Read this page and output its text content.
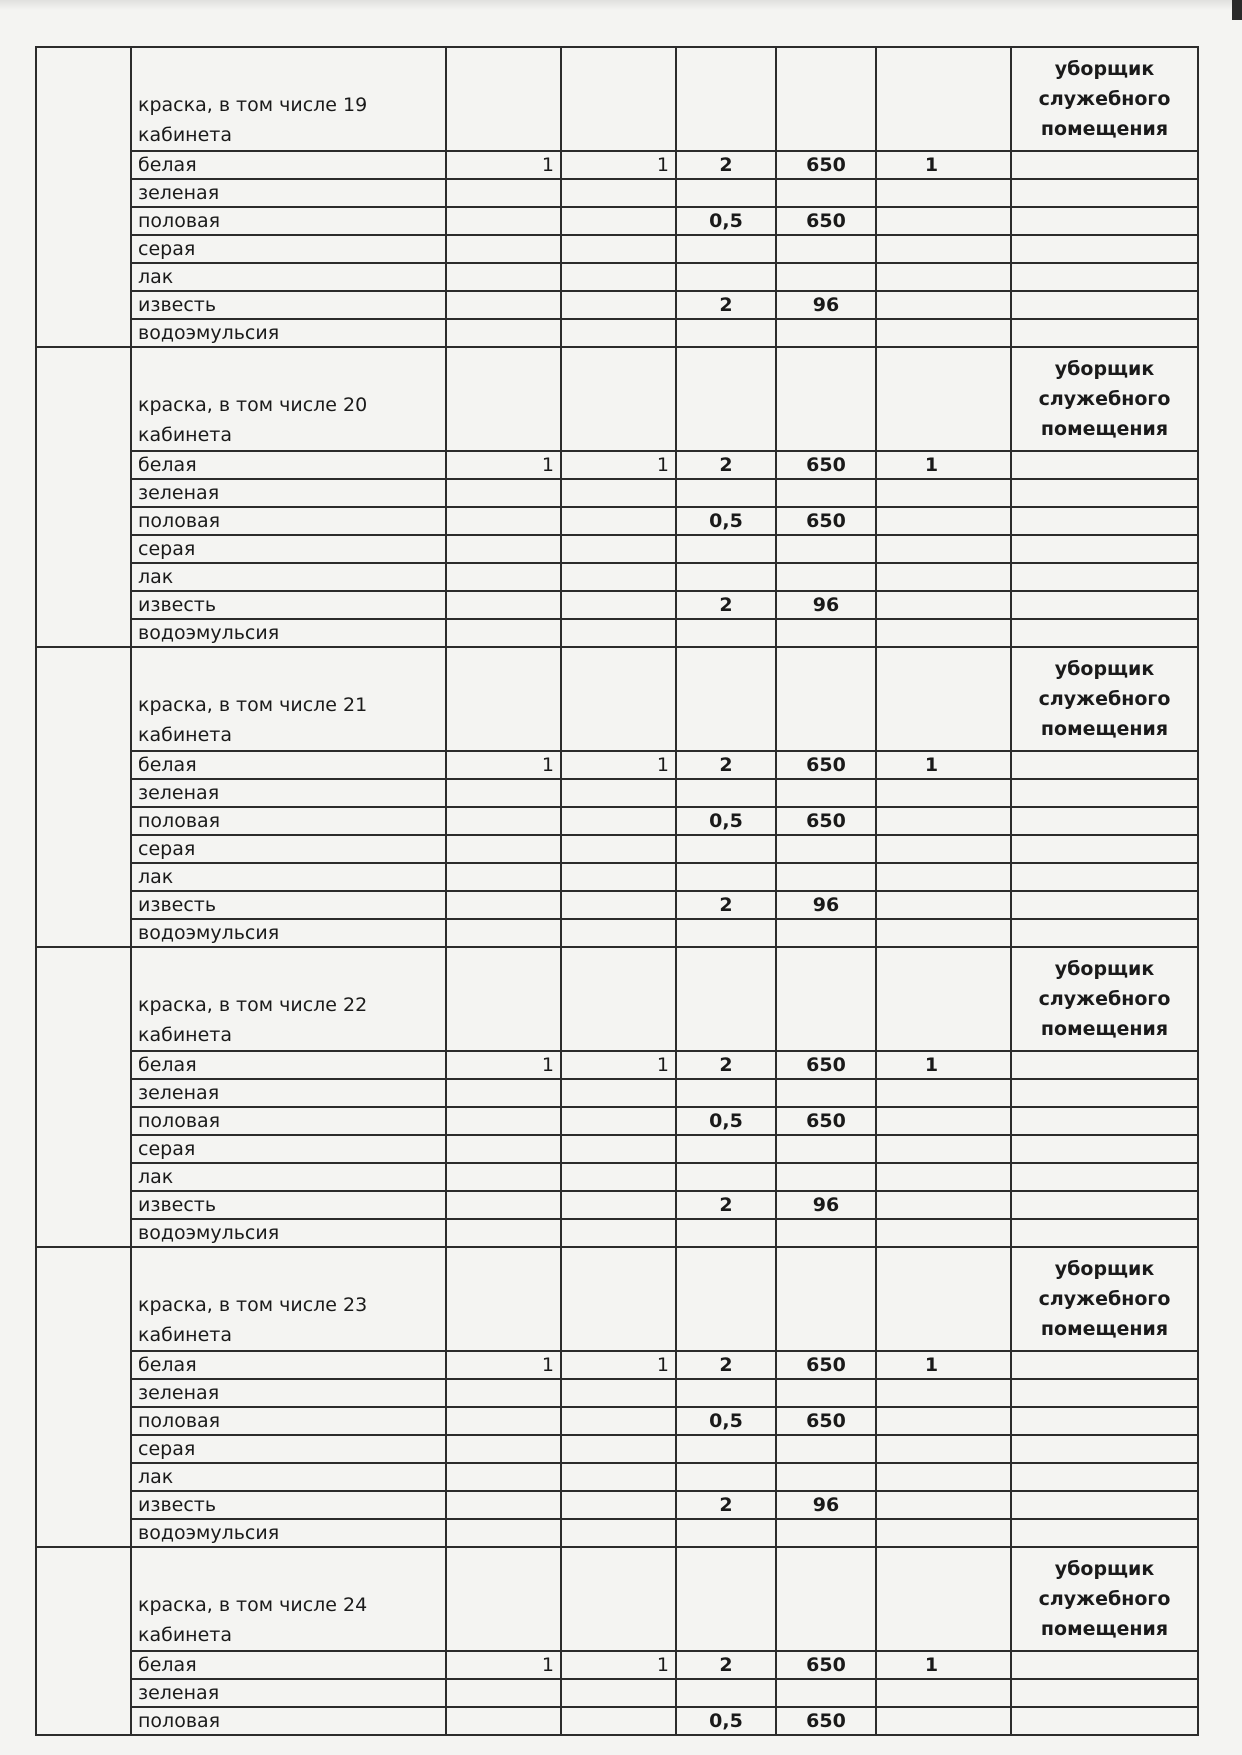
	краска, в том числе 19 кабинета						уборщик служебного помещения
	белая	1	1	2	650	1	
	зеленая						
	половая			0,5	650		
	серая						
	лак						
	известь			2	96		
	водоэмульсия						
	краска, в том числе 20 кабинета						уборщик служебного помещения
	белая	1	1	2	650	1	
	зеленая						
	половая			0,5	650		
	серая						
	лак						
	известь			2	96		
	водоэмульсия						
	краска, в том числе 21 кабинета						уборщик служебного помещения
	белая	1	1	2	650	1	
	зеленая						
	половая			0,5	650		
	серая						
	лак						
	известь			2	96		
	водоэмульсия						
	краска, в том числе 22 кабинета						уборщик служебного помещения
	белая	1	1	2	650	1	
	зеленая						
	половая			0,5	650		
	серая						
	лак						
	известь			2	96		
	водоэмульсия						
	краска, в том числе 23 кабинета						уборщик служебного помещения
	белая	1	1	2	650	1	
	зеленая						
	половая			0,5	650		
	серая						
	лак						
	известь			2	96		
	водоэмульсия						
	краска, в том числе 24 кабинета						уборщик служебного помещения
	белая	1	1	2	650	1	
	зеленая						
	половая			0,5	650		
